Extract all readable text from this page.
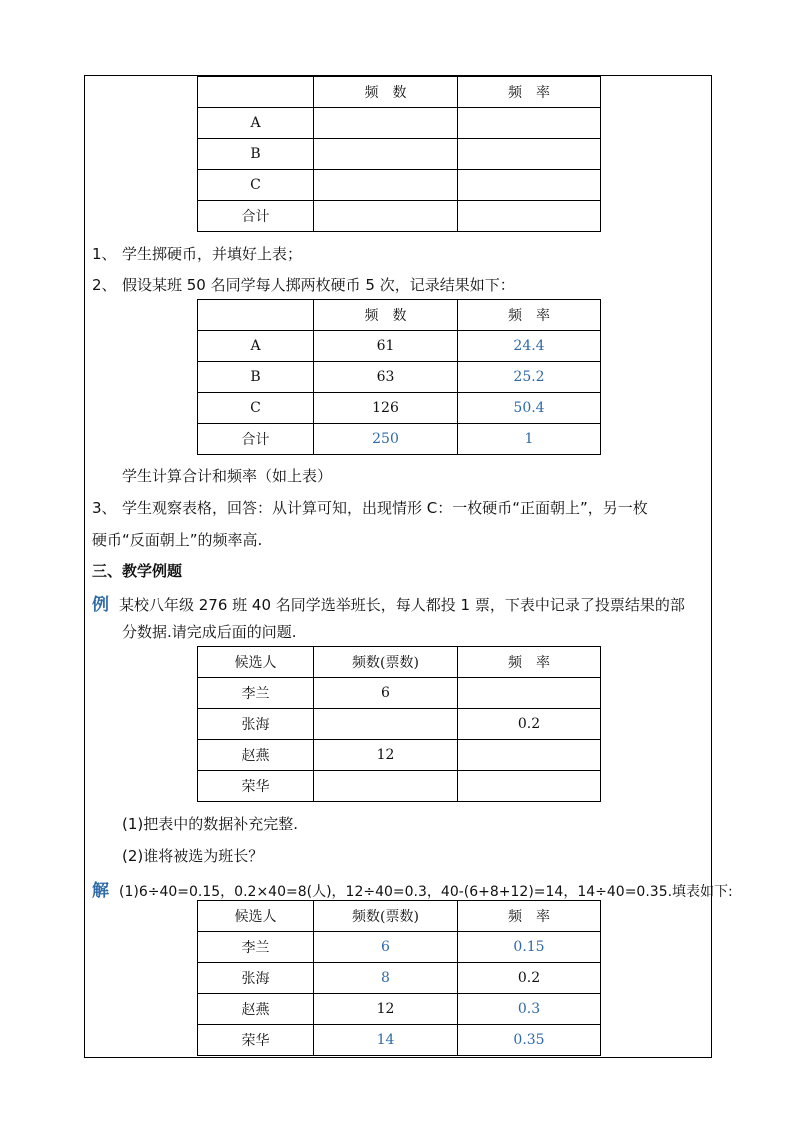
	频　数	频　率
A		
B		
C		
合计		
1、 学生掷硬币，并填好上表；
2、 假设某班 50 名同学每人掷两枚硬币 5 次，记录结果如下：
	频　数	频　率
A	61	24.4
B	63	25.2
C	126	50.4
合计	250	1
学生计算合计和频率（如上表）
3、 学生观察表格，回答：从计算可知，出现情形 C：一枚硬币“正面朝上”，另一枚
硬币“反面朝上”的频率高.
三、教学例题
例 某校八年级 276 班 40 名同学选举班长，每人都投 1 票，下表中记录了投票结果的部
分数据.请完成后面的问题.
候选人	频数(票数)	频　率
李兰	6	
张海		0.2
赵燕	12	
荣华		
(1)把表中的数据补充完整.
(2)谁将被选为班长？
解 (1)6÷40=0.15，0.2×40=8(人)，12÷40=0.3，40-(6+8+12)=14，14÷40=0.35.填表如下:
候选人	频数(票数)	频　率
李兰	6	0.15
张海	8	0.2
赵燕	12	0.3
荣华	14	0.35
